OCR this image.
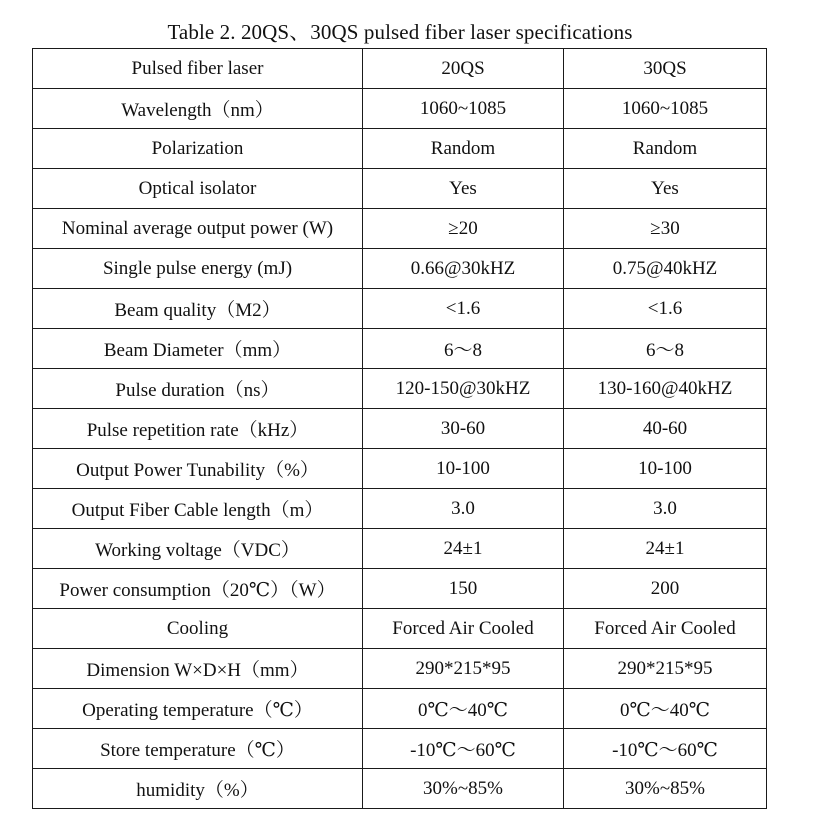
Table 2. 20QS、30QS pulsed fiber laser specifications
Pulsed fiber laser	20QS	30QS
Wavelength（nm）	1060~1085	1060~1085
Polarization	Random	Random
Optical isolator	Yes	Yes
Nominal average output power (W)	≥20	≥30
Single pulse energy (mJ)	0.66@30kHZ	0.75@40kHZ
Beam quality（M2）	<1.6	<1.6
Beam Diameter（mm）	6～8	6～8
Pulse duration（ns）	120-150@30kHZ	130-160@40kHZ
Pulse repetition rate（kHz）	30-60	40-60
Output Power Tunability（%）	10-100	10-100
Output Fiber Cable length（m）	3.0	3.0
Working voltage（VDC）	24±1	24±1
Power consumption（20℃）（W）	150	200
Cooling	Forced Air Cooled	Forced Air Cooled
Dimension W×D×H（mm）	290*215*95	290*215*95
Operating temperature（℃）	0℃～40℃	0℃～40℃
Store temperature（℃）	-10℃～60℃	-10℃～60℃
humidity（%）	30%~85%	30%~85%
